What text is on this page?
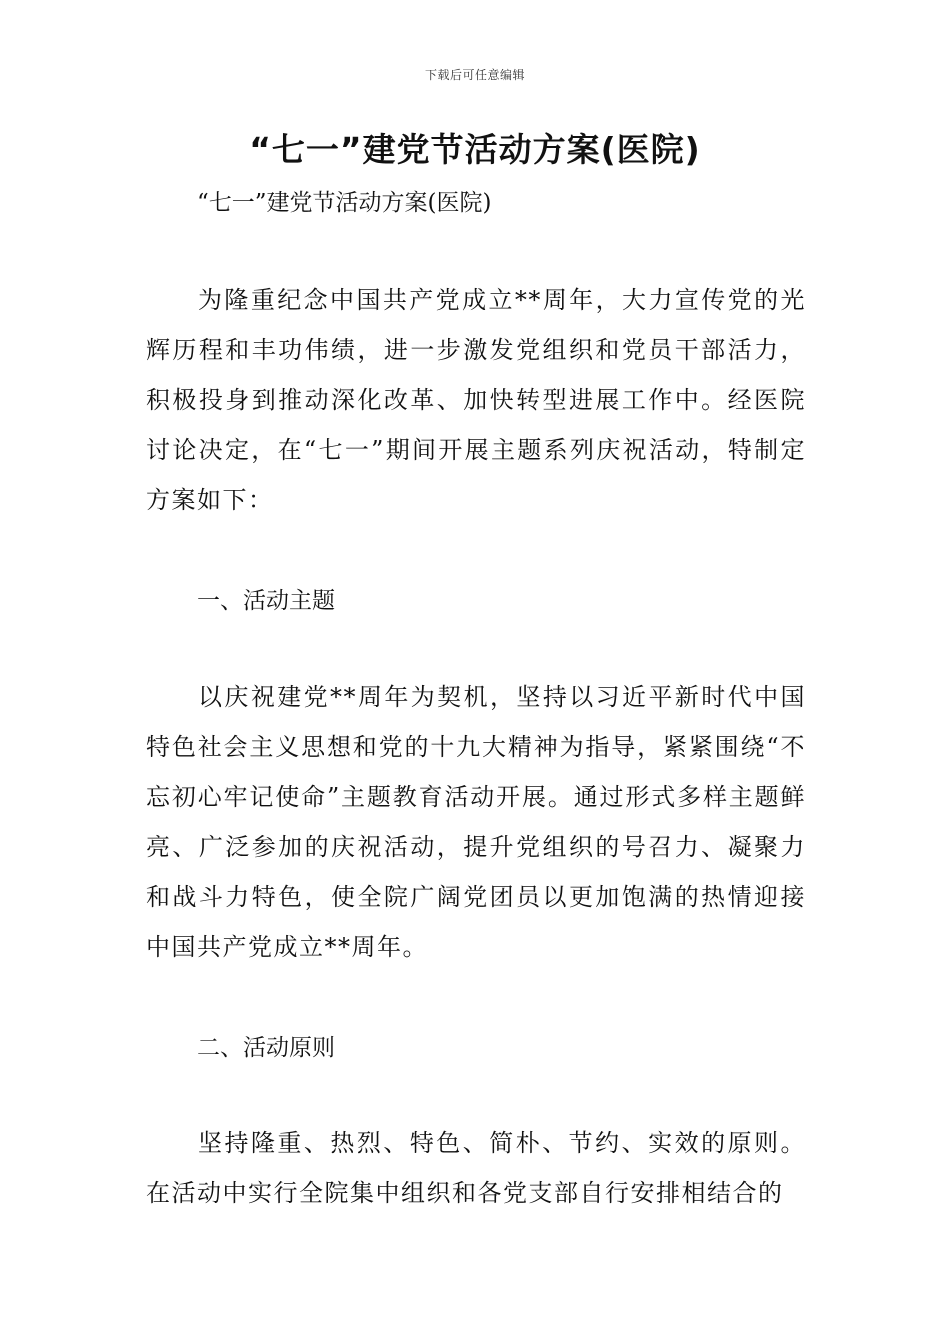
下载后可任意编辑
“七一”建党节活动方案(医院)
“七一”建党节活动方案(医院)
为隆重纪念中国共产党成立**周年，大力宣传党的光辉历程和丰功伟绩，进一步激发党组织和党员干部活力，积极投身到推动深化改革、加快转型进展工作中。经医院讨论决定，在“七一”期间开展主题系列庆祝活动，特制定方案如下：
一、活动主题
以庆祝建党**周年为契机，坚持以习近平新时代中国特色社会主义思想和党的十九大精神为指导，紧紧围绕“不忘初心牢记使命”主题教育活动开展。通过形式多样主题鲜亮、广泛参加的庆祝活动，提升党组织的号召力、凝聚力和战斗力特色，使全院广阔党团员以更加饱满的热情迎接中国共产党成立**周年。
二、活动原则
坚持隆重、热烈、特色、简朴、节约、实效的原则。在活动中实行全院集中组织和各党支部自行安排相结合的
